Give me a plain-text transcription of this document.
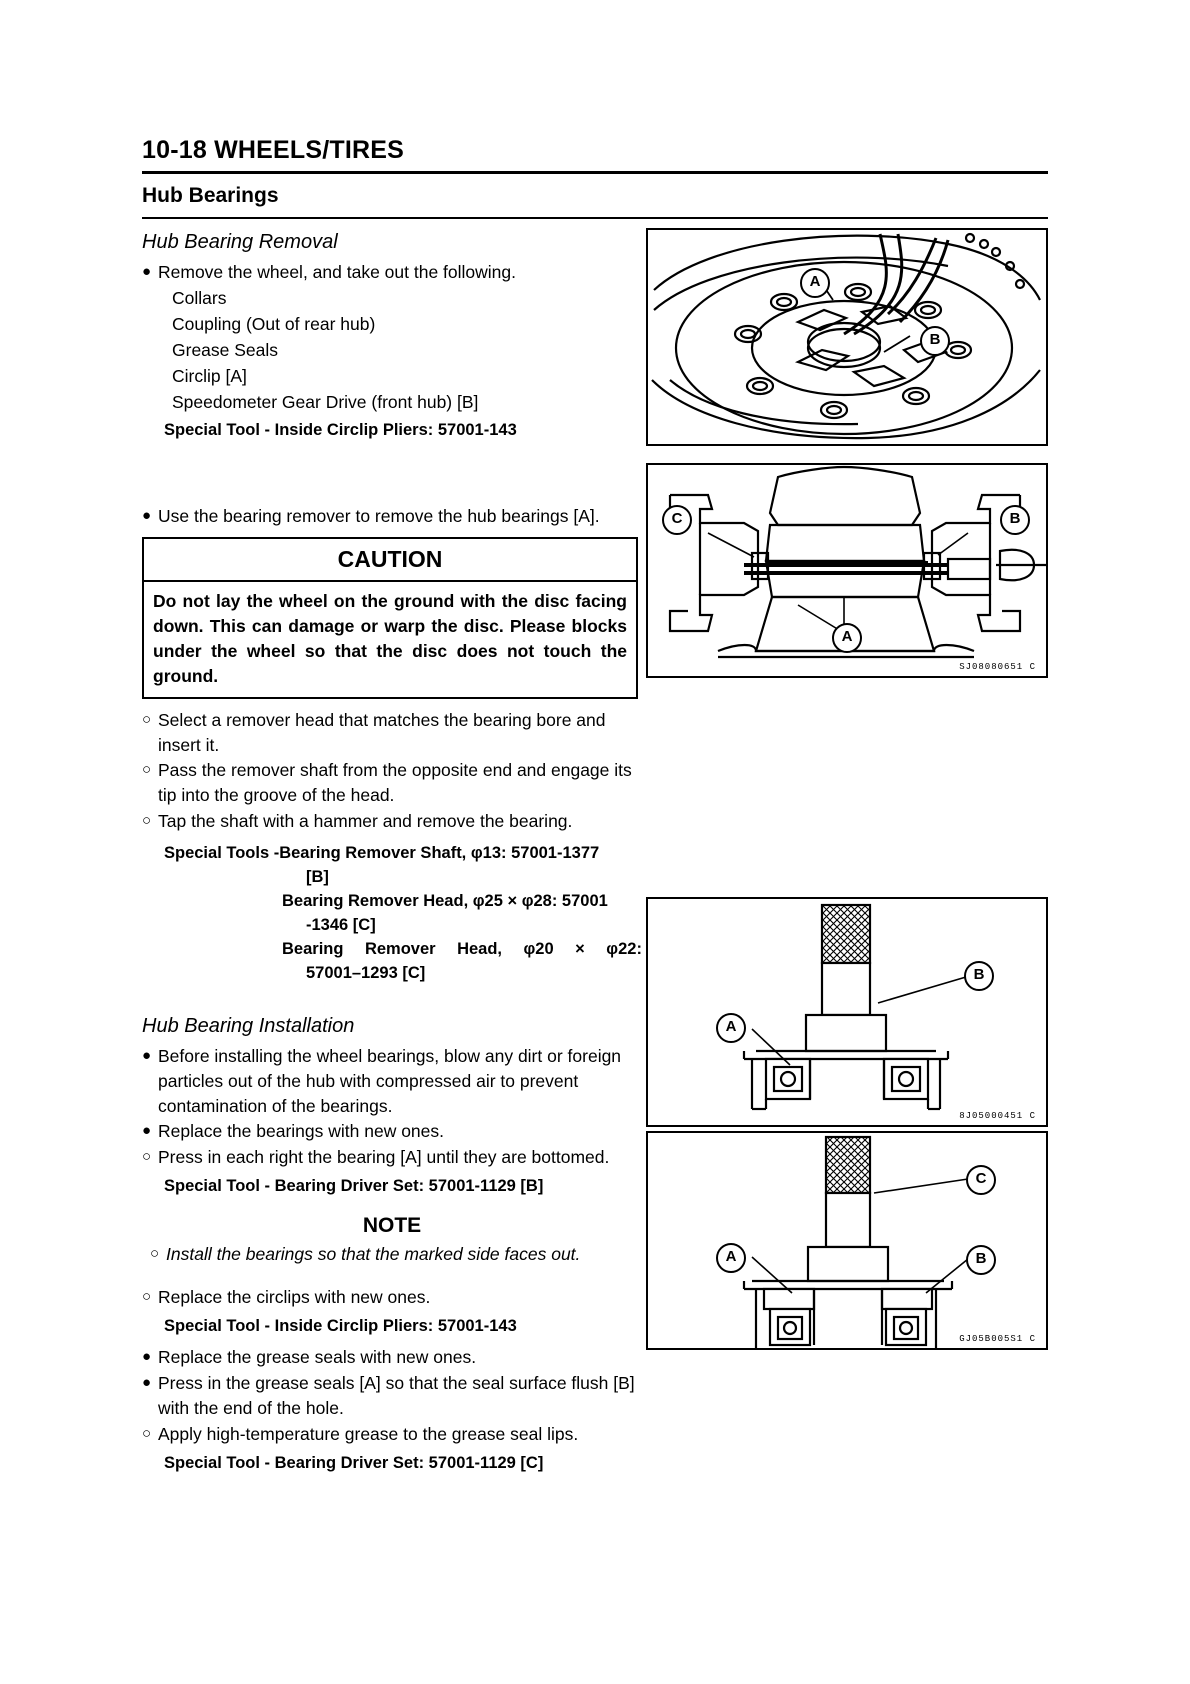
10-18 WHEELS/TIRES
Hub Bearings
Hub Bearing Removal
●
Remove the wheel, and take out the following.
Collars
Coupling (Out of rear hub)
Grease Seals
Circlip [A]
Speedometer Gear Drive (front hub) [B]
Special Tool - Inside Circlip Pliers: 57001-143
●
Use the bearing remover to remove the hub bearings [A].
CAUTION
Do not lay the wheel on the ground with the disc facing down. This can damage or warp the disc. Please blocks under the wheel so that the disc does not touch the ground.
○
Select a remover head that matches the bearing bore and insert it.
○
Pass the remover shaft from the opposite end and engage its tip into the groove of the head.
○
Tap the shaft with a hammer and remove the bearing.
Special Tools - Bearing Remover Shaft, φ13: 57001-1377
[B]
Bearing Remover Head, φ25 × φ28: 57001
-1346 [C]
Bearing Remover Head, φ20 × φ22:
57001–1293 [C]
Hub Bearing Installation
●
Before installing the wheel bearings, blow any dirt or foreign particles out of the hub with compressed air to prevent contamination of the bearings.
●
Replace the bearings with new ones.
○
Press in each right the bearing [A] until they are bottomed.
Special Tool - Bearing Driver Set: 57001-1129 [B]
NOTE
○
Install the bearings so that the marked side faces out.
○
Replace the circlips with new ones.
Special Tool - Inside Circlip Pliers: 57001-143
●
Replace the grease seals with new ones.
●
Press in the grease seals [A] so that the seal surface flush [B] with the end of the hole.
○
Apply high-temperature grease to the grease seal lips.
Special Tool - Bearing Driver Set: 57001-1129 [C]
A
B
C	B
A
SJ08080651 C
B
A
8J05000451 C
C
A	B
GJ05B005S1 C
